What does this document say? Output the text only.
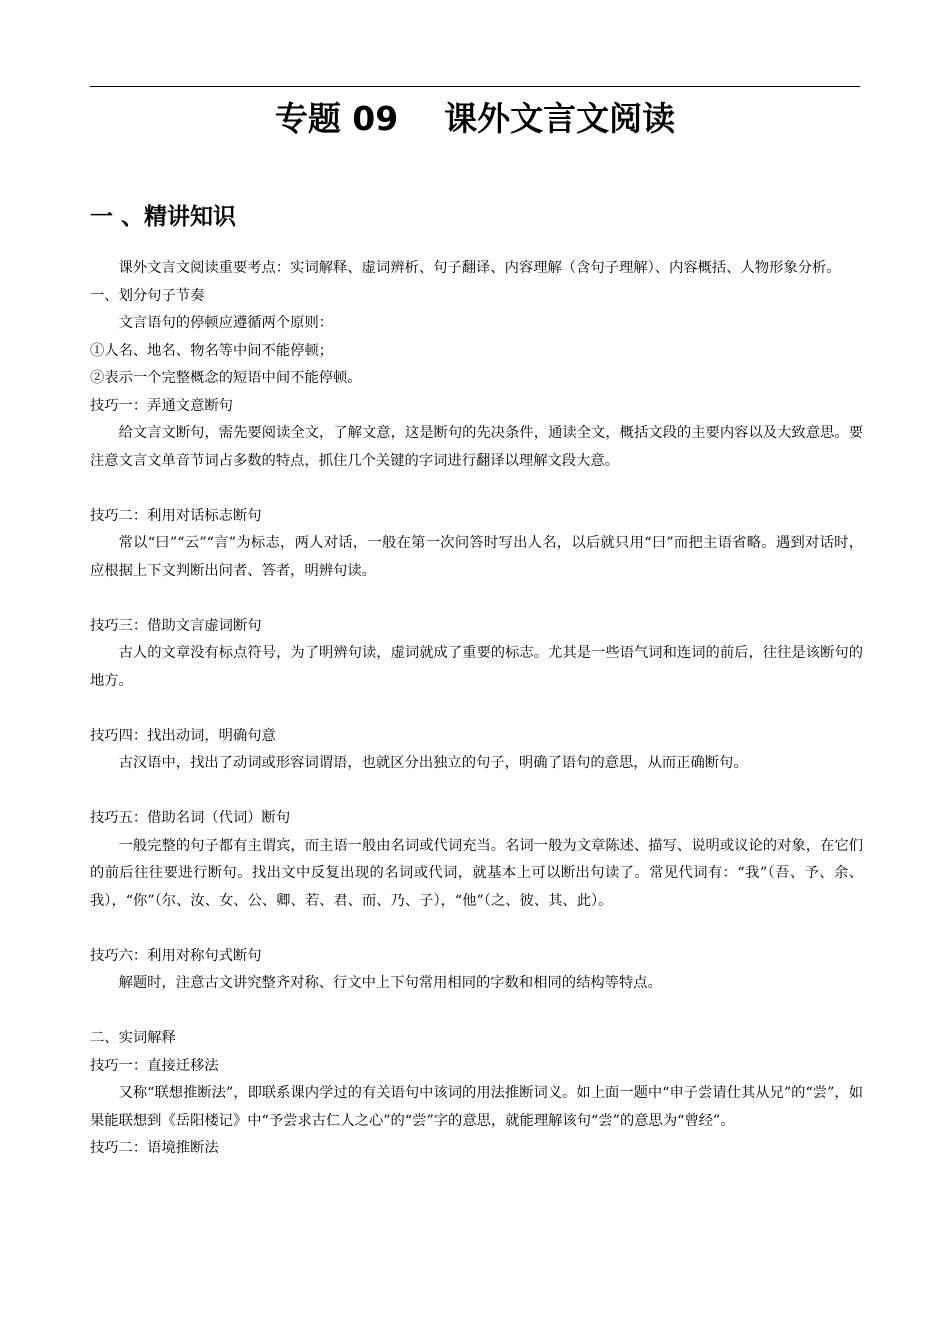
专题 09    课外文言文阅读
一 、精讲知识

课外文言文阅读重要考点：实词解释、虚词辨析、句子翻译、内容理解（含句子理解）、内容概括、人物形象分析。

一、划分句子节奏

文言语句的停顿应遵循两个原则：

①人名、地名、物名等中间不能停顿；

②表示一个完整概念的短语中间不能停顿。

技巧一：弄通文意断句

给文言文断句，需先要阅读全文，了解文意，这是断句的先决条件，通读全文，概括文段的主要内容以及大致意思。要注意文言文单音节词占多数的特点，抓住几个关键的字词进行翻译以理解文段大意。

技巧二：利用对话标志断句

常以“曰”“云”“言”为标志，两人对话，一般在第一次问答时写出人名，以后就只用“曰”而把主语省略。遇到对话时，应根据上下文判断出问者、答者，明辨句读。

技巧三：借助文言虚词断句

古人的文章没有标点符号，为了明辨句读，虚词就成了重要的标志。尤其是一些语气词和连词的前后，往往是该断句的地方。

技巧四：找出动词，明确句意

古汉语中，找出了动词或形容词谓语，也就区分出独立的句子，明确了语句的意思，从而正确断句。

技巧五：借助名词（代词）断句

一般完整的句子都有主谓宾，而主语一般由名词或代词充当。名词一般为文章陈述、描写、说明或议论的对象，在它们的前后往往要进行断句。找出文中反复出现的名词或代词，就基本上可以断出句读了。常见代词有：“我”（吾、予、余、我），“你”（尔、汝、女、公、卿、若、君、而、乃、子），“他”（之、彼、其、此）。

技巧六：利用对称句式断句

解题时，注意古文讲究整齐对称、行文中上下句常用相同的字数和相同的结构等特点。

二、实词解释

技巧一：直接迁移法

又称“联想推断法”，即联系课内学过的有关语句中该词的用法推断词义。如上面一题中“申子尝请仕其从兄”的“尝”，如果能联想到《岳阳楼记》中“予尝求古仁人之心”的“尝”字的意思，就能理解该句“尝”的意思为“曾经”。

技巧二：语境推断法
